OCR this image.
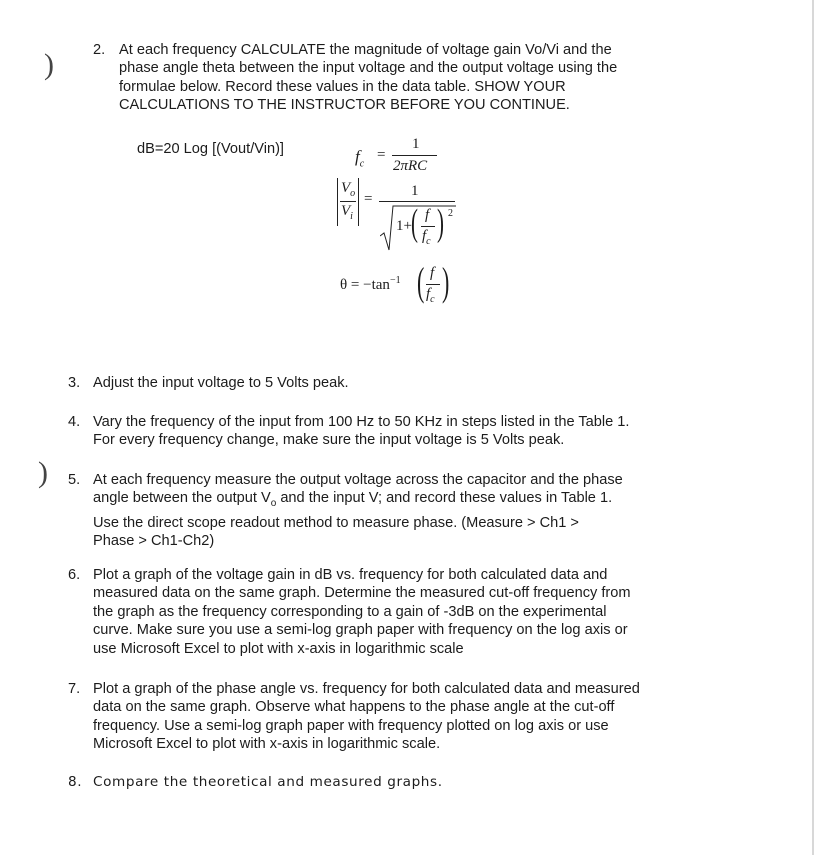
)
)
2. At each frequency CALCULATE the magnitude of voltage gain Vo/Vi and the
phase angle theta between the input voltage and the output voltage using the
formulae below. Record these values in the data table. SHOW YOUR
CALCULATIONS TO THE INSTRUCTOR BEFORE YOU CONTINUE.
dB=20 Log [(Vout/Vin)]	$f_c$
=
1
2πRC
$V_o$
$V_i$
=	1
1+ ( f
$f_c$ ) 2
$\theta = -\tan^{-1}$ ( f
$f_c$ )
3. Adjust the input voltage to 5 Volts peak.
4. Vary the frequency of the input from 100 Hz to 50 KHz in steps listed in the Table 1.
For every frequency change, make sure the input voltage is 5 Volts peak.
5. At each frequency measure the output voltage across the capacitor and the phase
angle between the output $V_o$ and the input V; and record these values in Table 1.
Use the direct scope readout method to measure phase. (Measure > Ch1 >
Phase > Ch1-Ch2)
6. Plot a graph of the voltage gain in dB vs. frequency for both calculated data and
measured data on the same graph. Determine the measured cut-off frequency from
the graph as the frequency corresponding to a gain of -3dB on the experimental
curve. Make sure you use a semi-log graph paper with frequency on the log axis or
use Microsoft Excel to plot with x-axis in logarithmic scale
7. Plot a graph of the phase angle vs. frequency for both calculated data and measured
data on the same graph. Observe what happens to the phase angle at the cut-off
frequency. Use a semi-log graph paper with frequency plotted on log axis or use
Microsoft Excel to plot with x-axis in logarithmic scale.
8. Compare the theoretical and measured graphs.
